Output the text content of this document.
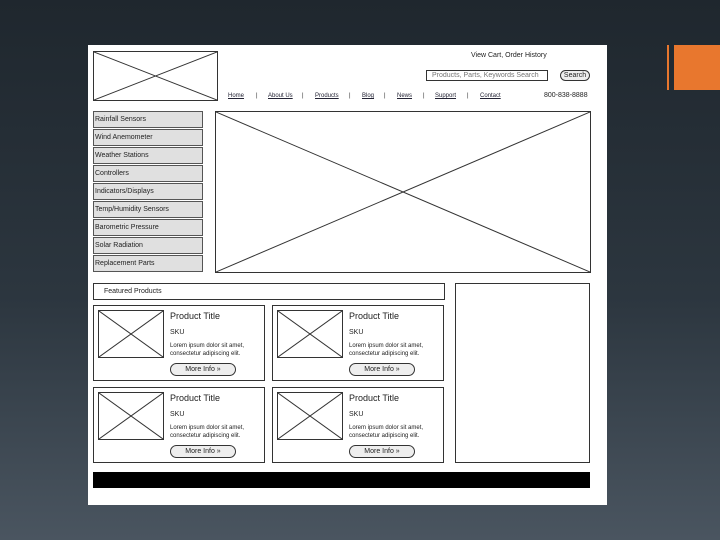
View Cart, Order History
Products, Parts, Keywords Search
Search
Home | About Us | Products | Blog | News | Support | Contact	800-838-8888
Rainfall Sensors
Wind Anemometer
Weather Stations
Controllers
Indicators/Displays
Temp/Humidity Sensors
Barometric Pressure
Solar Radiation
Replacement Parts
Featured Products
Product Title
SKU
Lorem ipsum dolor sit amet, consectetur adipiscing elit.
More Info »
Product Title
SKU
Lorem ipsum dolor sit amet, consectetur adipiscing elit.
More Info »
Product Title
SKU
Lorem ipsum dolor sit amet, consectetur adipiscing elit.
More Info »
Product Title
SKU
Lorem ipsum dolor sit amet, consectetur adipiscing elit.
More Info »
